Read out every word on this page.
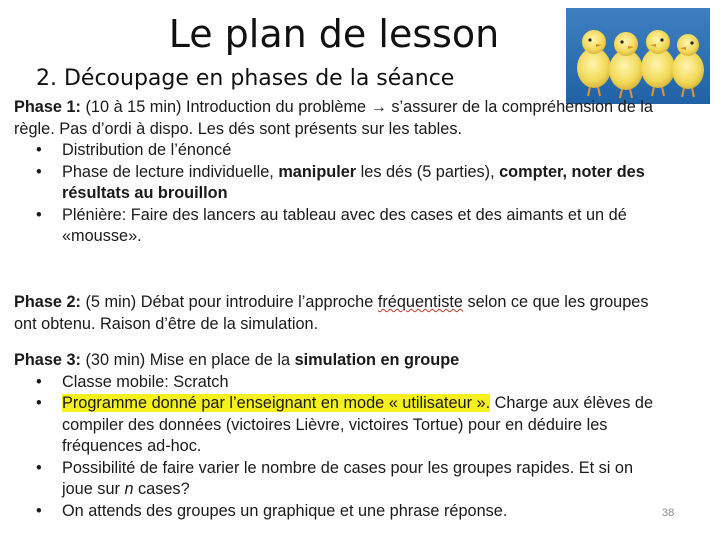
Le plan de lesson
2. Découpage en phases de la séance
Phase 1: (10 à 15 min) Introduction du problème → s’assurer de la compréhension de la règle. Pas d’ordi à dispo. Les dés sont présents sur les tables.
• Distribution de l’énoncé
• Phase de lecture individuelle, manipuler les dés (5 parties), compter, noter des résultats au brouillon
• Plénière: Faire des lancers au tableau avec des cases et des aimants et un dé «mousse».
Phase 2: (5 min) Débat pour introduire l’approche fréquentiste selon ce que les groupes ont obtenu. Raison d’être de la simulation.
Phase 3: (30 min) Mise en place de la simulation en groupe
• Classe mobile: Scratch
• Programme donné par l’enseignant en mode « utilisateur ». Charge aux élèves de compiler des données (victoires Lièvre, victoires Tortue) pour en déduire les fréquences ad-hoc.
• Possibilité de faire varier le nombre de cases pour les groupes rapides. Et si on joue sur n cases?
• On attends des groupes un graphique et une phrase réponse.	38
